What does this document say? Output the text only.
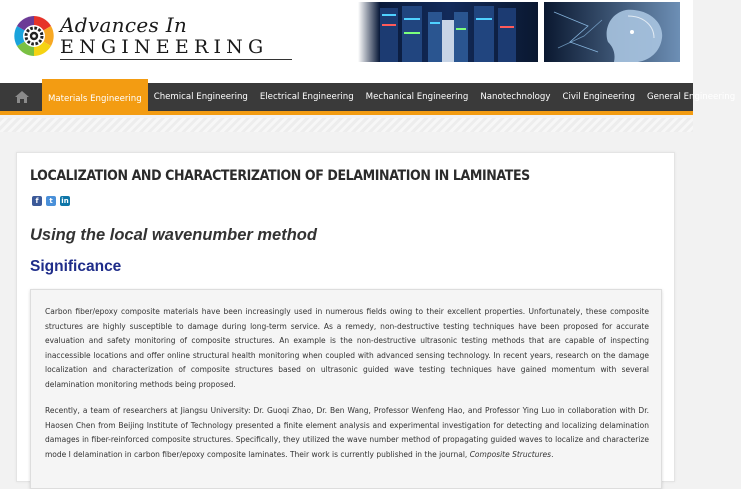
Advances In
ENGINEERING
Materials Engineering	Chemical Engineering	Electrical Engineering	Mechanical Engineering	Nanotechnology	Civil Engineering	General Engineering
LOCALIZATION AND CHARACTERIZATION OF DELAMINATION IN LAMINATES
f	t	in
Using the local wavenumber method
Significance

Carbon fiber/epoxy composite materials have been increasingly used in numerous fields owing to their excellent properties. Unfortunately, these composite structures are highly susceptible to damage during long-term service. As a remedy, non-destructive testing techniques have been proposed for accurate evaluation and safety monitoring of composite structures. An example is the non-destructive ultrasonic testing methods that are capable of inspecting inaccessible locations and offer online structural health monitoring when coupled with advanced sensing technology. In recent years, research on the damage localization and characterization of composite structures based on ultrasonic guided wave testing techniques have gained momentum with several delamination monitoring methods being proposed.

Recently, a team of researchers at Jiangsu University: Dr. Guoqi Zhao, Dr. Ben Wang, Professor Wenfeng Hao, and Professor Ying Luo in collaboration with Dr. Haosen Chen from Beijing Institute of Technology presented a finite element analysis and experimental investigation for detecting and localizing delamination damages in fiber-reinforced composite structures. Specifically, they utilized the wave number method of propagating guided waves to localize and characterize mode I delamination in carbon fiber/epoxy composite laminates. Their work is currently published in the journal, Composite Structures.
